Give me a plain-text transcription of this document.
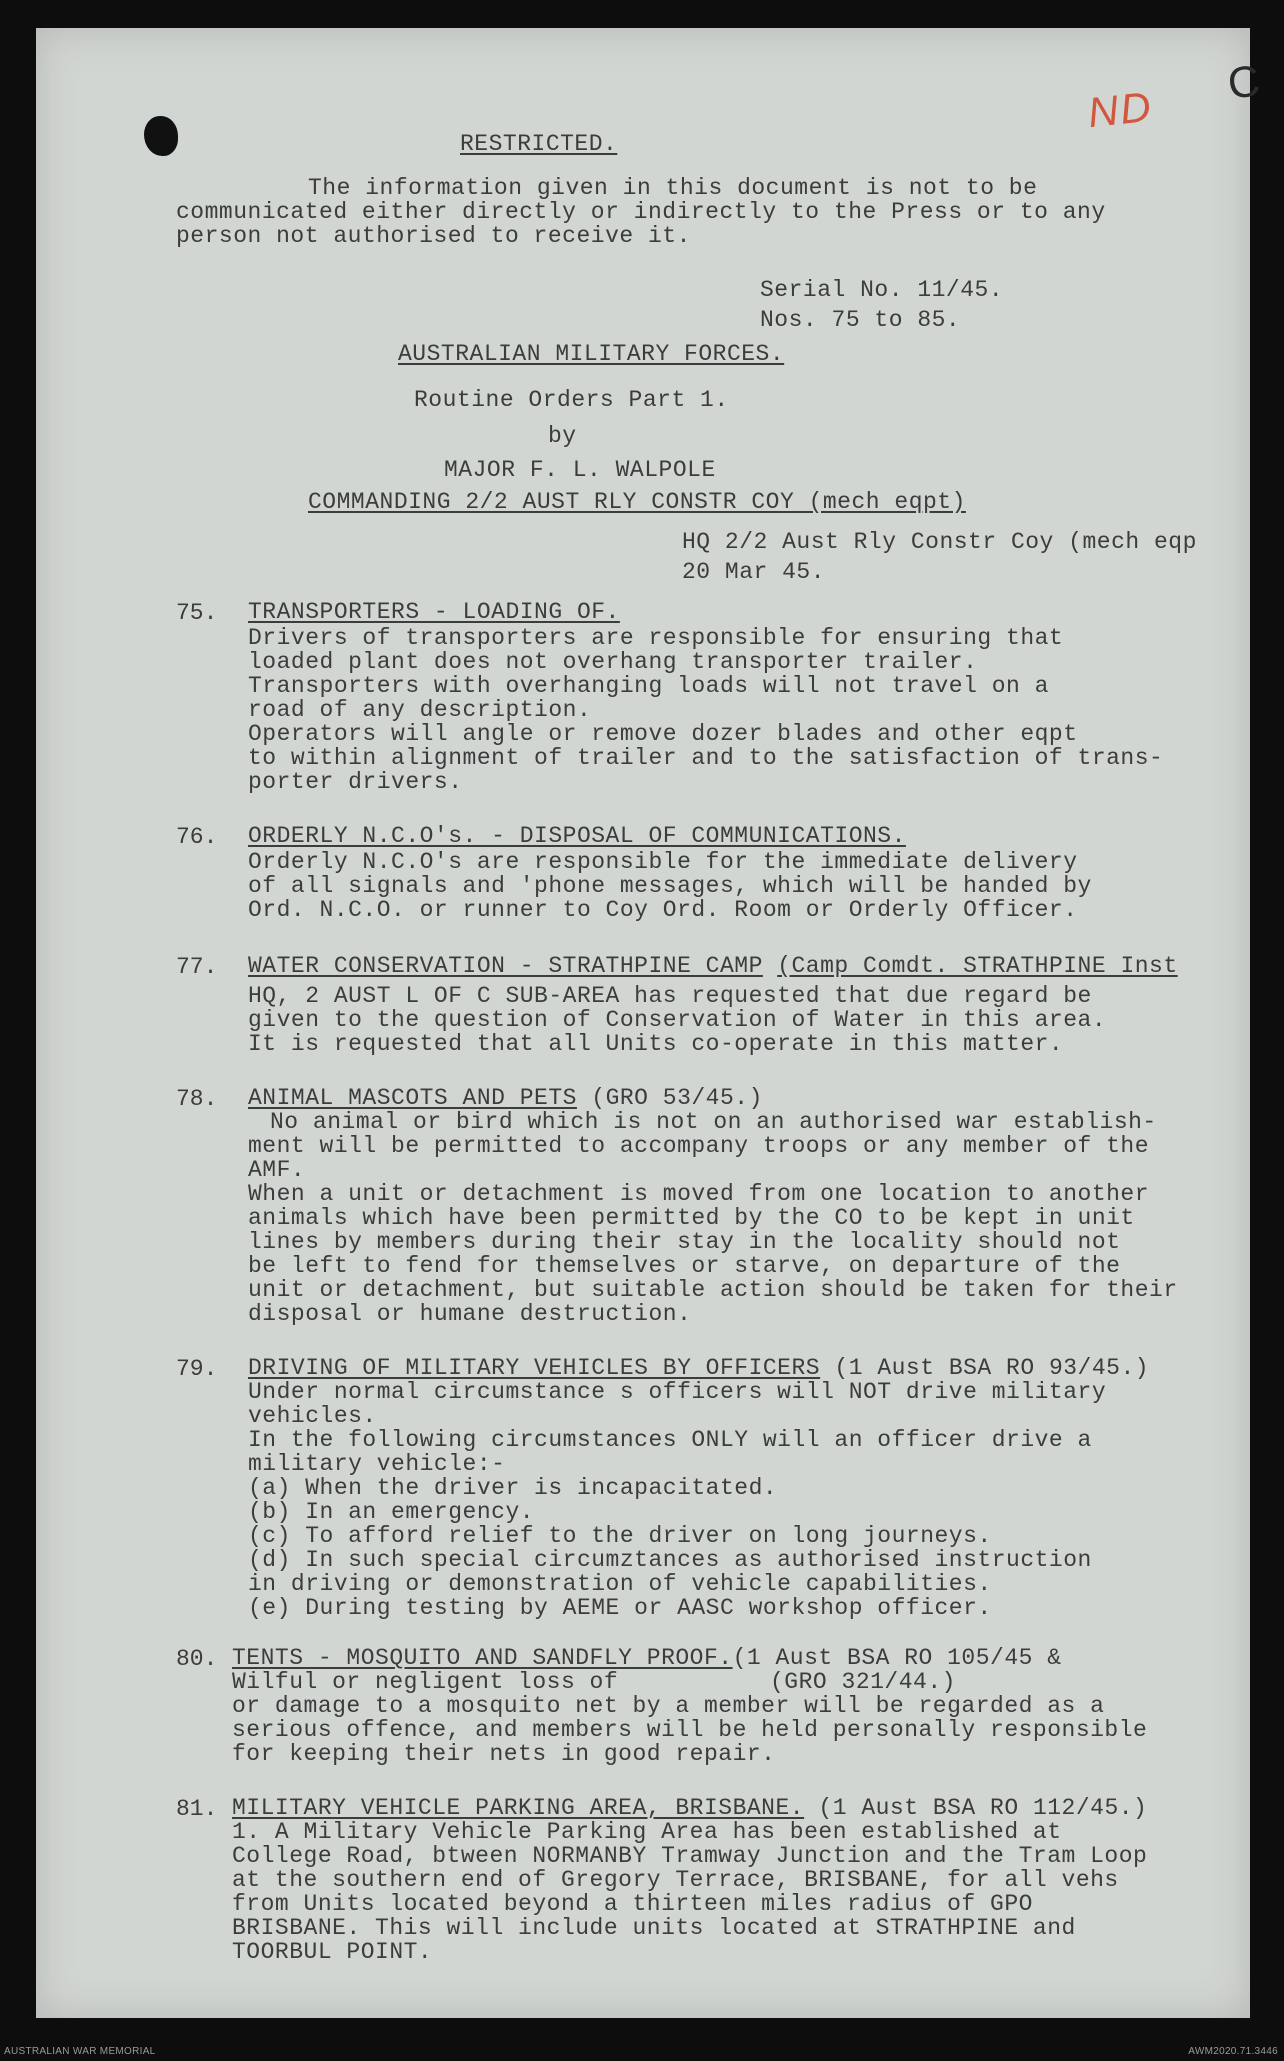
ND
C
RESTRICTED.
The information given in this document is not to be
communicated either directly or indirectly to the Press or to any
person not authorised to receive it.
Serial No. 11/45.
Nos. 75 to 85.
AUSTRALIAN MILITARY FORCES.
Routine Orders Part 1.
by
MAJOR F. L. WALPOLE
COMMANDING 2/2 AUST RLY CONSTR COY (mech eqpt)
HQ 2/2 Aust Rly Constr Coy (mech eqp
20 Mar 45.
75. TRANSPORTERS - LOADING OF.
Drivers of transporters are responsible for ensuring that
loaded plant does not overhang transporter trailer.
Transporters with overhanging loads will not travel on a
road of any description.
Operators will angle or remove dozer blades and other eqpt
to within alignment of trailer and to the satisfaction of trans-
porter drivers.
76. ORDERLY N.C.O's. - DISPOSAL OF COMMUNICATIONS.
Orderly N.C.O's are responsible for the immediate delivery
of all signals and 'phone messages, which will be handed by
Ord. N.C.O. or runner to Coy Ord. Room or Orderly Officer.
77. WATER CONSERVATION - STRATHPINE CAMP (Camp Comdt. STRATHPINE Inst
HQ, 2 AUST L OF C SUB-AREA has requested that due regard be
given to the question of Conservation of Water in this area.
It is requested that all Units co-operate in this matter.
78. ANIMAL MASCOTS AND PETS (GRO 53/45.)
No animal or bird which is not on an authorised war establish-
ment will be permitted to accompany troops or any member of the
AMF.
When a unit or detachment is moved from one location to another
animals which have been permitted by the CO to be kept in unit
lines by members during their stay in the locality should not
be left to fend for themselves or starve, on departure of the
unit or detachment, but suitable action should be taken for their
disposal or humane destruction.
79. DRIVING OF MILITARY VEHICLES BY OFFICERS (1 Aust BSA RO 93/45.)
Under normal circumstance s officers will NOT drive military
vehicles.
In the following circumstances ONLY will an officer drive a
military vehicle:-
(a) When the driver is incapacitated.
(b) In an emergency.
(c) To afford relief to the driver on long journeys.
(d) In such special circumztances as authorised instruction
in driving or demonstration of vehicle capabilities.
(e) During testing by AEME or AASC workshop officer.
80. TENTS - MOSQUITO AND SANDFLY PROOF.(1 Aust BSA RO 105/45 &
Wilful or negligent loss of	(GRO 321/44.)
or damage to a mosquito net by a member will be regarded as a
serious offence, and members will be held personally responsible
for keeping their nets in good repair.
81. MILITARY VEHICLE PARKING AREA, BRISBANE. (1 Aust BSA RO 112/45.)
1. A Military Vehicle Parking Area has been established at
College Road, btween NORMANBY Tramway Junction and the Tram Loop
at the southern end of Gregory Terrace, BRISBANE, for all vehs
from Units located beyond a thirteen miles radius of GPO
BRISBANE. This will include units located at STRATHPINE and
TOORBUL POINT.
AUSTRALIAN WAR MEMORIAL	AWM2020.71.3446
